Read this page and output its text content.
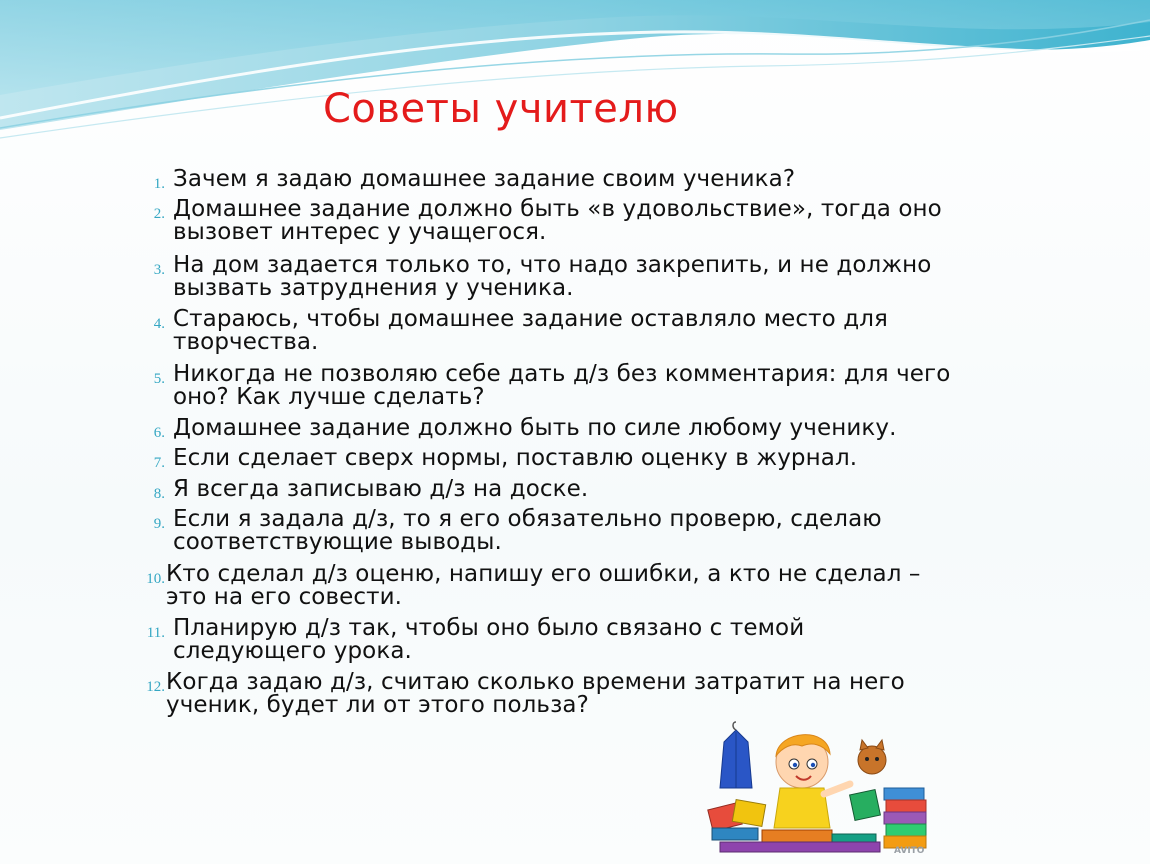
Советы учителю
1. Зачем я задаю домашнее задание своим ученика?
2. Домашнее задание должно быть «в удовольствие», тогда оно
вызовет интерес у учащегося.
3. На дом задается только то, что надо закрепить, и не должно
вызвать затруднения у ученика.
4. Стараюсь, чтобы домашнее задание оставляло место для
творчества.
5. Никогда не позволяю себе дать д/з без комментария: для чего
оно? Как лучше сделать?
6. Домашнее задание должно быть по силе любому ученику.
7. Если сделает сверх нормы, поставлю оценку в журнал.
8. Я всегда записываю д/з на доске.
9. Если я задала д/з, то я его обязательно проверю, сделаю
соответствующие выводы.
10. Кто сделал д/з оценю, напишу его ошибки, а кто не сделал –
это на его совести.
11. Планирую д/з так, чтобы оно было связано с темой
следующего урока.
12. Когда задаю д/з, считаю сколько времени затратит на него
ученик, будет ли от этого польза?
AVITO
